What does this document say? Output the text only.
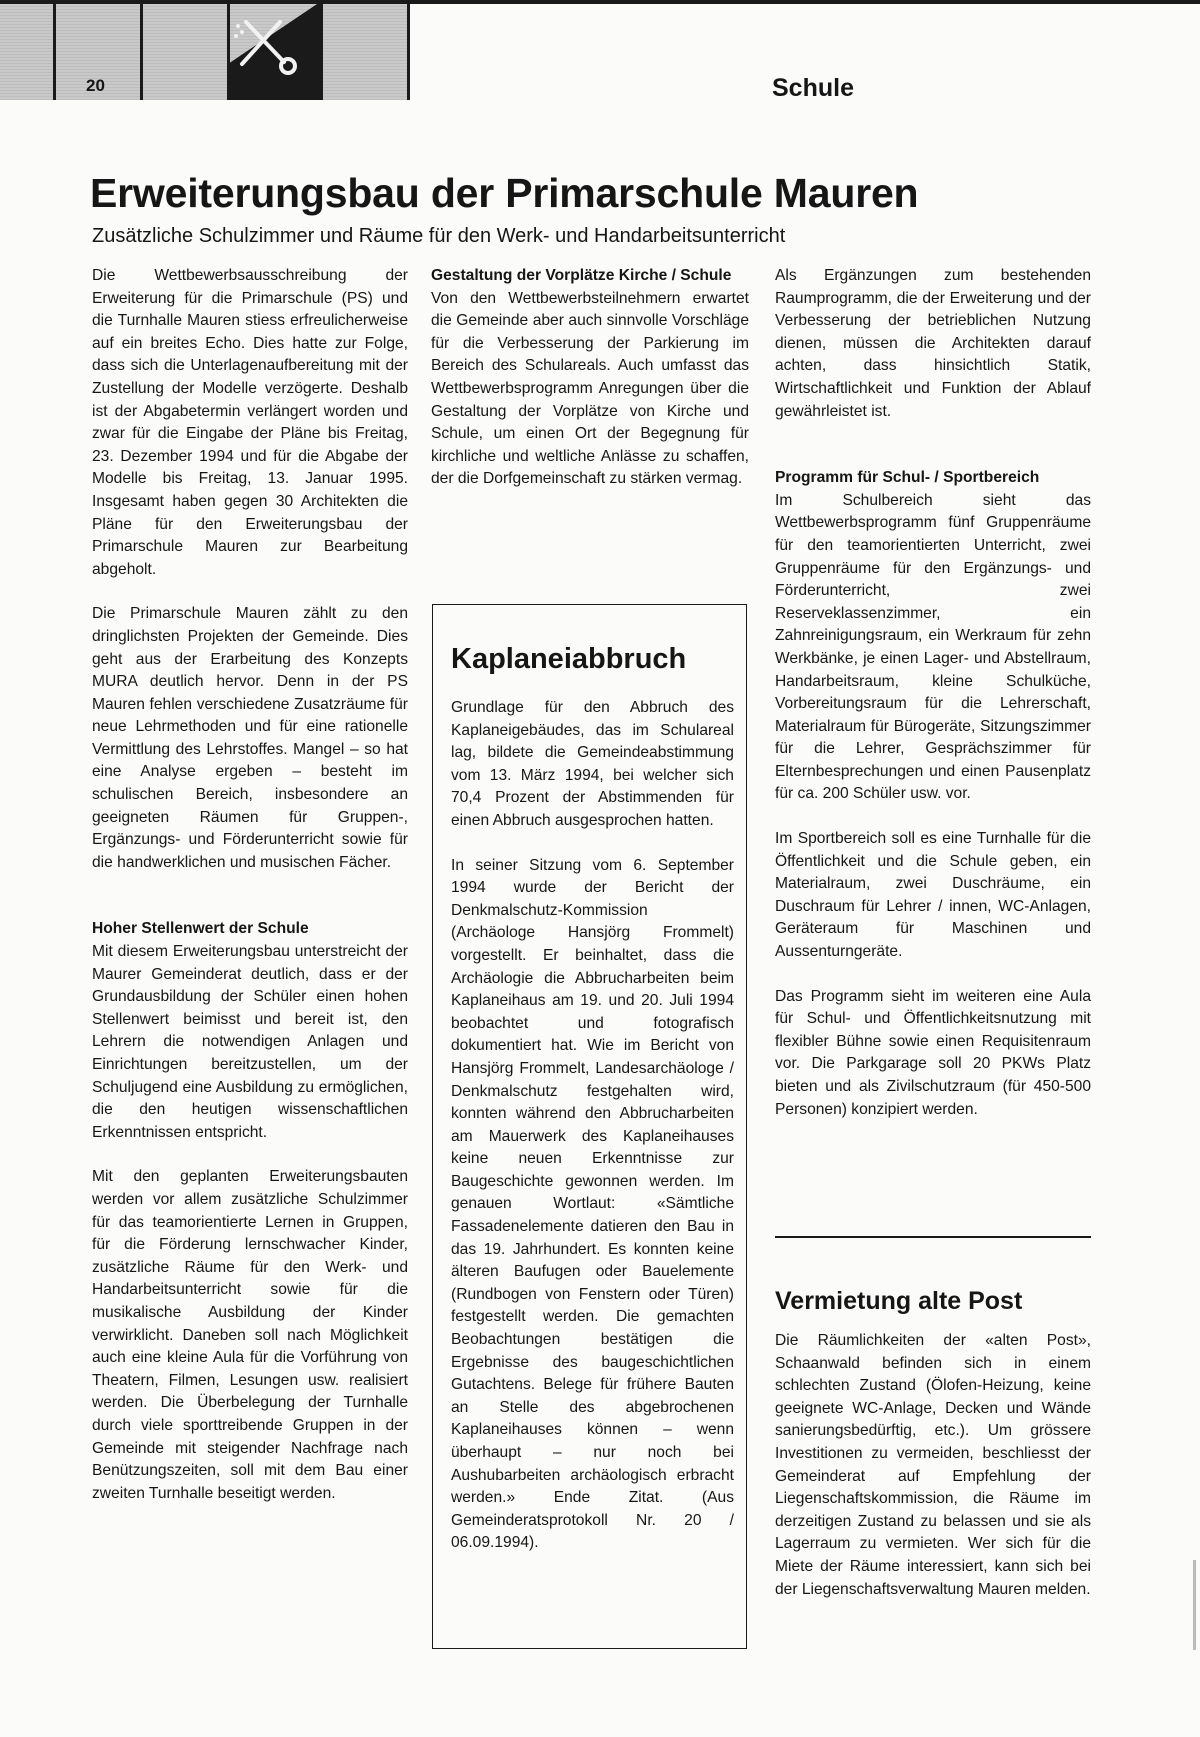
20	Schule
Erweiterungsbau der Primarschule Mauren
Zusätzliche Schulzimmer und Räume für den Werk- und Handarbeitsunterricht

Die Wettbewerbsausschreibung der Erweiterung für die Primarschule (PS) und die Turnhalle Mauren stiess erfreulicherweise auf ein breites Echo. Dies hatte zur Folge, dass sich die Unterlagenaufbereitung mit der Zustellung der Modelle verzögerte. Deshalb ist der Abgabetermin verlängert worden und zwar für die Eingabe der Pläne bis Freitag, 23. Dezember 1994 und für die Abgabe der Modelle bis Freitag, 13. Januar 1995. Insgesamt haben gegen 30 Architekten die Pläne für den Erweiterungsbau der Primarschule Mauren zur Bearbeitung abgeholt.

Die Primarschule Mauren zählt zu den dringlichsten Projekten der Gemeinde. Dies geht aus der Erarbeitung des Konzepts MURA deutlich hervor. Denn in der PS Mauren fehlen verschiedene Zusatzräume für neue Lehrmethoden und für eine rationelle Vermittlung des Lehrstoffes. Mangel – so hat eine Analyse ergeben – besteht im schulischen Bereich, insbesondere an geeigneten Räumen für Gruppen-, Ergänzungs- und Förderunterricht sowie für die handwerklichen und musischen Fächer.

Hoher Stellenwert der Schule

Mit diesem Erweiterungsbau unterstreicht der Maurer Gemeinderat deutlich, dass er der Grundausbildung der Schüler einen hohen Stellenwert beimisst und bereit ist, den Lehrern die notwendigen Anlagen und Einrichtungen bereitzustellen, um der Schuljugend eine Ausbildung zu ermöglichen, die den heutigen wissenschaftlichen Erkenntnissen entspricht.

Mit den geplanten Erweiterungsbauten werden vor allem zusätzliche Schulzimmer für das teamorientierte Lernen in Gruppen, für die Förderung lernschwacher Kinder, zusätzliche Räume für den Werk- und Handarbeitsunterricht sowie für die musikalische Ausbildung der Kinder verwirklicht. Daneben soll nach Möglichkeit auch eine kleine Aula für die Vorführung von Theatern, Filmen, Lesungen usw. realisiert werden. Die Überbelegung der Turnhalle durch viele sporttreibende Gruppen in der Gemeinde mit steigender Nachfrage nach Benützungszeiten, soll mit dem Bau einer zweiten Turnhalle beseitigt werden.

Gestaltung der Vorplätze Kirche / Schule

Von den Wettbewerbsteilnehmern erwartet die Gemeinde aber auch sinnvolle Vorschläge für die Verbesserung der Parkierung im Bereich des Schulareals. Auch umfasst das Wettbewerbsprogramm Anregungen über die Gestaltung der Vorplätze von Kirche und Schule, um einen Ort der Begegnung für kirchliche und weltliche Anlässe zu schaffen, der die Dorfgemeinschaft zu stärken vermag.

Kaplaneiabbruch

Grundlage für den Abbruch des Kaplaneigebäudes, das im Schulareal lag, bildete die Gemeindeabstimmung vom 13. März 1994, bei welcher sich 70,4 Prozent der Abstimmenden für einen Abbruch ausgesprochen hatten.

In seiner Sitzung vom 6. September 1994 wurde der Bericht der Denkmalschutz-Kommission (Archäologe Hansjörg Frommelt) vorgestellt. Er beinhaltet, dass die Archäologie die Abbrucharbeiten beim Kaplaneihaus am 19. und 20. Juli 1994 beobachtet und fotografisch dokumentiert hat. Wie im Bericht von Hansjörg Frommelt, Landesarchäologe / Denkmalschutz festgehalten wird, konnten während den Abbrucharbeiten am Mauerwerk des Kaplaneihauses keine neuen Erkenntnisse zur Baugeschichte gewonnen werden. Im genauen Wortlaut: «Sämtliche Fassadenelemente datieren den Bau in das 19. Jahrhundert. Es konnten keine älteren Baufugen oder Bauelemente (Rundbogen von Fenstern oder Türen) festgestellt werden. Die gemachten Beobachtungen bestätigen die Ergebnisse des baugeschichtlichen Gutachtens. Belege für frühere Bauten an Stelle des abgebrochenen Kaplaneihauses können – wenn überhaupt – nur noch bei Aushubarbeiten archäologisch erbracht werden.» Ende Zitat. (Aus Gemeinderatsprotokoll Nr. 20 / 06.09.1994).

Als Ergänzungen zum bestehenden Raumprogramm, die der Erweiterung und der Verbesserung der betrieblichen Nutzung dienen, müssen die Architekten darauf achten, dass hinsichtlich Statik, Wirtschaftlichkeit und Funktion der Ablauf gewährleistet ist.

Programm für Schul- / Sportbereich

Im Schulbereich sieht das Wettbewerbsprogramm fünf Gruppenräume für den teamorientierten Unterricht, zwei Gruppenräume für den Ergänzungs- und Förderunterricht, zwei Reserveklassenzimmer, ein Zahnreinigungsraum, ein Werkraum für zehn Werkbänke, je einen Lager- und Abstellraum, Handarbeitsraum, kleine Schulküche, Vorbereitungsraum für die Lehrerschaft, Materialraum für Bürogeräte, Sitzungszimmer für die Lehrer, Gesprächszimmer für Elternbesprechungen und einen Pausenplatz für ca. 200 Schüler usw. vor.

Im Sportbereich soll es eine Turnhalle für die Öffentlichkeit und die Schule geben, ein Materialraum, zwei Duschräume, ein Duschraum für Lehrer / innen, WC-Anlagen, Geräteraum für Maschinen und Aussenturngeräte.

Das Programm sieht im weiteren eine Aula für Schul- und Öffentlichkeitsnutzung mit flexibler Bühne sowie einen Requisitenraum vor. Die Parkgarage soll 20 PKWs Platz bieten und als Zivilschutzraum (für 450-500 Personen) konzipiert werden.

Vermietung alte Post

Die Räumlichkeiten der «alten Post», Schaanwald befinden sich in einem schlechten Zustand (Ölofen-Heizung, keine geeignete WC-Anlage, Decken und Wände sanierungsbedürftig, etc.). Um grössere Investitionen zu vermeiden, beschliesst der Gemeinderat auf Empfehlung der Liegenschaftskommission, die Räume im derzeitigen Zustand zu belassen und sie als Lagerraum zu vermieten. Wer sich für die Miete der Räume interessiert, kann sich bei der Liegenschaftsverwaltung Mauren melden.
